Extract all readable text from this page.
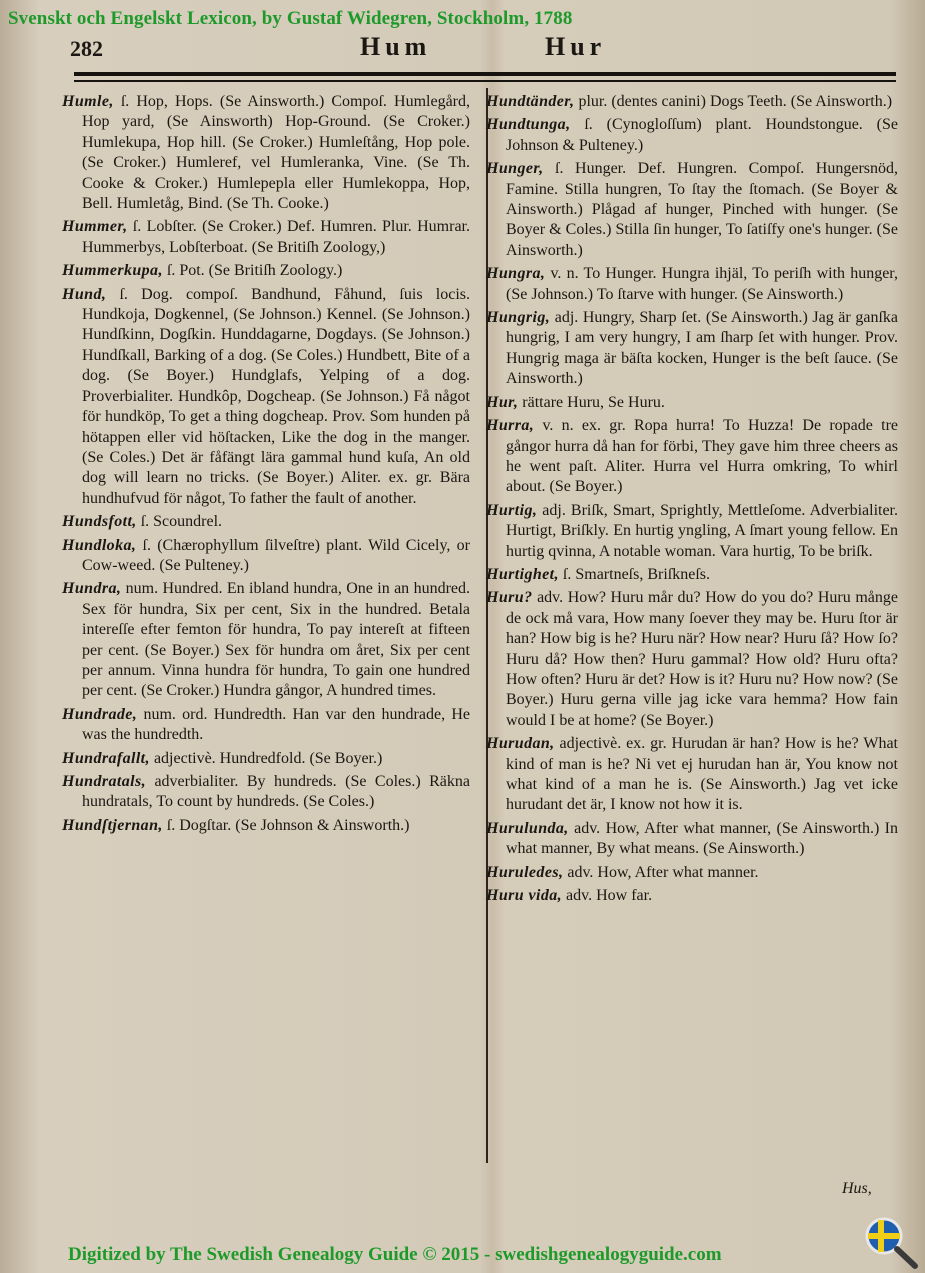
Svenskt och Engelskt Lexicon, by Gustaf Widegren, Stockholm, 1788
282	Hum	Hur

Humle, ſ. Hop, Hops. (Se Ainsworth.) Compoſ. Humlegård, Hop yard, (Se Ainsworth) Hop-Ground. (Se Croker.) Humlekupa, Hop hill. (Se Croker.) Humleſtång, Hop pole. (Se Croker.) Humleref, vel Humleranka, Vine. (Se Th. Cooke & Croker.) Humlepepla eller Humlekoppa, Hop, Bell. Humletåg, Bind. (Se Th. Cooke.)

Hummer, ſ. Lobſter. (Se Croker.) Def. Humren. Plur. Humrar. Hummerbys, Lobſterboat. (Se Britiſh Zoology,)

Hummerkupa, ſ. Pot. (Se Britiſh Zoology.)

Hund, ſ. Dog. compoſ. Bandhund, Fåhund, ſuis locis. Hundkoja, Dogkennel, (Se Johnson.) Kennel. (Se Johnson.) Hundſkinn, Dogſkin. Hunddagarne, Dogdays. (Se Johnson.) Hundſkall, Barking of a dog. (Se Coles.) Hundbett, Bite of a dog. (Se Boyer.) Hundglafs, Yelping of a dog. Proverbialiter. Hundkôp, Dogcheap. (Se Johnson.) Få något för hundköp, To get a thing dogcheap. Prov. Som hunden på hötappen eller vid höſtacken, Like the dog in the manger. (Se Coles.) Det är fåfängt lära gammal hund kuſa, An old dog will learn no tricks. (Se Boyer.) Aliter. ex. gr. Bära hundhufvud för något, To father the fault of another.

Hundsfott, ſ. Scoundrel.

Hundloka, ſ. (Chærophyllum ſilveſtre) plant. Wild Cicely, or Cow-weed. (Se Pulteney.)

Hundra, num. Hundred. En ibland hundra, One in an hundred. Sex för hundra, Six per cent, Six in the hundred. Betala intereſſe efter femton för hundra, To pay intereſt at fifteen per cent. (Se Boyer.) Sex för hundra om året, Six per cent per annum. Vinna hundra för hundra, To gain one hundred per cent. (Se Croker.) Hundra gångor, A hundred times.

Hundrade, num. ord. Hundredth. Han var den hundrade, He was the hundredth.

Hundrafallt, adjectivè. Hundredfold. (Se Boyer.)

Hundratals, adverbialiter. By hundreds. (Se Coles.) Räkna hundratals, To count by hundreds. (Se Coles.)

Hundſtjernan, ſ. Dogſtar. (Se Johnson & Ainsworth.)

Hundtänder, plur. (dentes canini) Dogs Teeth. (Se Ainsworth.)

Hundtunga, ſ. (Cynogloſſum) plant. Houndstongue. (Se Johnson & Pulteney.)

Hunger, ſ. Hunger. Def. Hungren. Compoſ. Hungersnöd, Famine. Stilla hungren, To ſtay the ſtomach. (Se Boyer & Ainsworth.) Plågad af hunger, Pinched with hunger. (Se Boyer & Coles.) Stilla ſin hunger, To ſatiſfy one's hunger. (Se Ainsworth.)

Hungra, v. n. To Hunger. Hungra ihjäl, To periſh with hunger, (Se Johnson.) To ſtarve with hunger. (Se Ainsworth.)

Hungrig, adj. Hungry, Sharp ſet. (Se Ainsworth.) Jag är ganſka hungrig, I am very hungry, I am ſharp ſet with hunger. Prov. Hungrig maga är bäſta kocken, Hunger is the beſt ſauce. (Se Ainsworth.)

Hur, rättare Huru, Se Huru.

Hurra, v. n. ex. gr. Ropa hurra! To Huzza! De ropade tre gångor hurra då han for förbi, They gave him three cheers as he went paſt. Aliter. Hurra vel Hurra omkring, To whirl about. (Se Boyer.)

Hurtig, adj. Briſk, Smart, Sprightly, Mettleſome. Adverbialiter. Hurtigt, Briſkly. En hurtig yngling, A ſmart young fellow. En hurtig qvinna, A notable woman. Vara hurtig, To be briſk.

Hurtighet, ſ. Smartneſs, Briſkneſs.

Huru? adv. How? Huru mår du? How do you do? Huru månge de ock må vara, How many ſoever they may be. Huru ſtor är han? How big is he? Huru när? How near? Huru ſå? How ſo? Huru då? How then? Huru gammal? How old? Huru ofta? How often? Huru är det? How is it? Huru nu? How now? (Se Boyer.) Huru gerna ville jag icke vara hemma? How fain would I be at home? (Se Boyer.)

Hurudan, adjectivè. ex. gr. Hurudan är han? How is he? What kind of man is he? Ni vet ej hurudan han är, You know not what kind of a man he is. (Se Ainsworth.) Jag vet icke hurudant det är, I know not how it is.

Hurulunda, adv. How, After what manner, (Se Ainsworth.) In what manner, By what means. (Se Ainsworth.)

Huruledes, adv. How, After what manner.

Huru vida, adv. How far.

Hus,
Digitized by The Swedish Genealogy Guide © 2015 - swedishgenealogyguide.com
